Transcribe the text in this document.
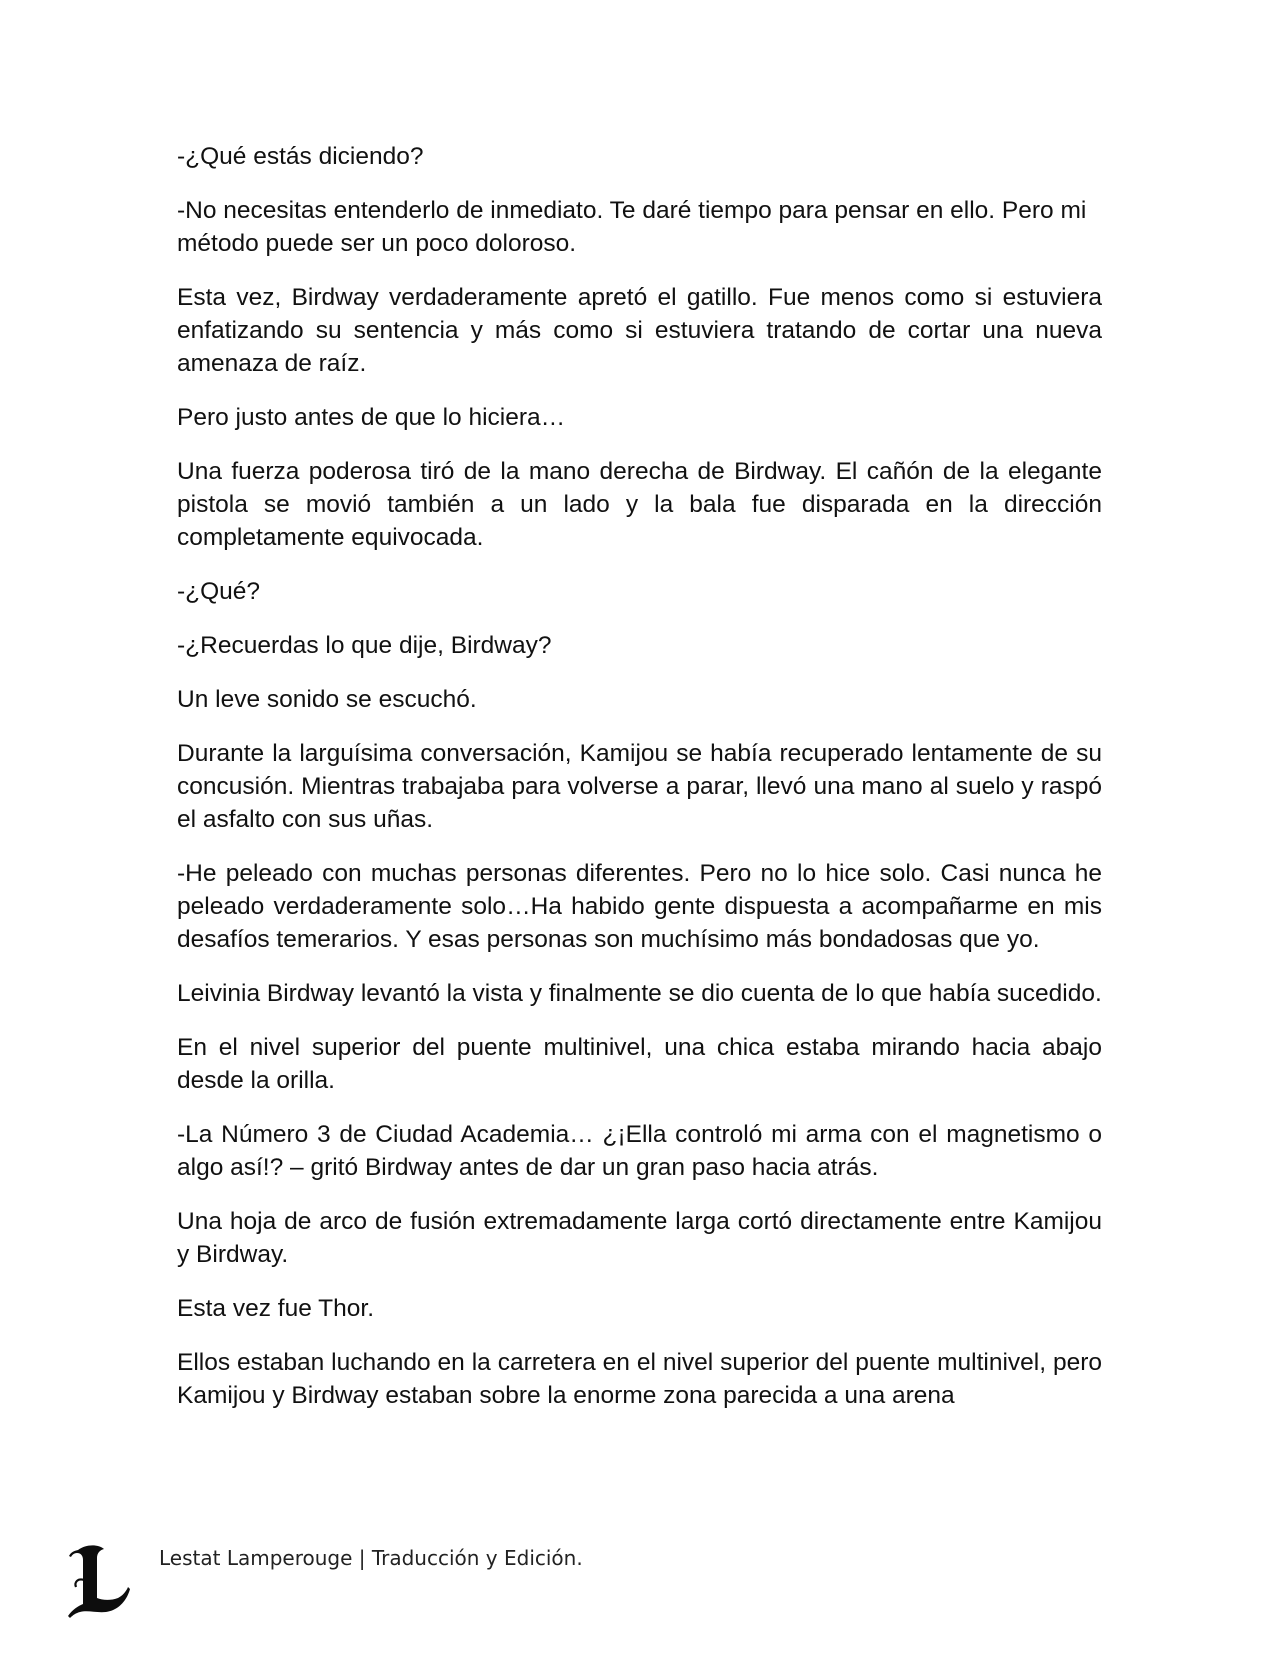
-¿Qué estás diciendo?

-No necesitas entenderlo de inmediato. Te daré tiempo para pensar en ello. Pero mi método puede ser un poco doloroso.

Esta vez, Birdway verdaderamente apretó el gatillo. Fue menos como si estuviera enfatizando su sentencia y más como si estuviera tratando de cortar una nueva amenaza de raíz.

Pero justo antes de que lo hiciera…

Una fuerza poderosa tiró de la mano derecha de Birdway. El cañón de la elegante pistola se movió también a un lado y la bala fue disparada en la dirección completamente equivocada.

-¿Qué?

-¿Recuerdas lo que dije, Birdway?

Un leve sonido se escuchó.

Durante la larguísima conversación, Kamijou se había recuperado lentamente de su concusión. Mientras trabajaba para volverse a parar, llevó una mano al suelo y raspó el asfalto con sus uñas.

-He peleado con muchas personas diferentes. Pero no lo hice solo. Casi nunca he peleado verdaderamente solo…Ha habido gente dispuesta a acompañarme en mis desafíos temerarios. Y esas personas son muchísimo más bondadosas que yo.

Leivinia Birdway levantó la vista y finalmente se dio cuenta de lo que había sucedido.

En el nivel superior del puente multinivel, una chica estaba mirando hacia abajo desde la orilla.

-La Número 3 de Ciudad Academia… ¿¡Ella controló mi arma con el magnetismo o algo así!? – gritó Birdway antes de dar un gran paso hacia atrás.

Una hoja de arco de fusión extremadamente larga cortó directamente entre Kamijou y Birdway.

Esta vez fue Thor.

Ellos estaban luchando en la carretera en el nivel superior del puente multinivel, pero Kamijou y Birdway estaban sobre la enorme zona parecida a una arena

Lestat Lamperouge | Traducción y Edición.
